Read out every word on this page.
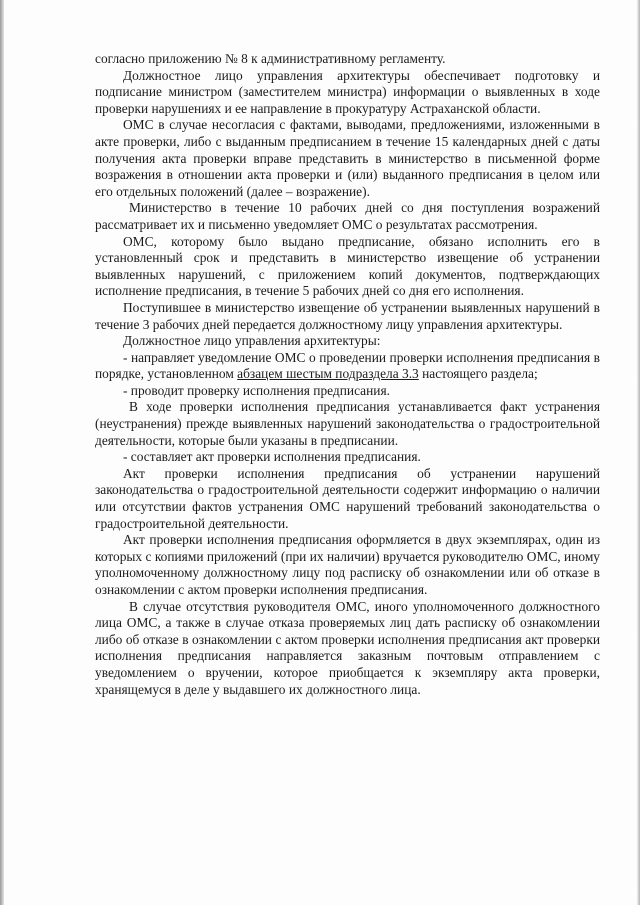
согласно приложению № 8 к административному регламенту.

Должностное лицо управления архитектуры обеспечивает подготовку и подписание министром (заместителем министра) информации о выявленных в ходе проверки нарушениях и ее направление в прокуратуру Астраханской области.

ОМС в случае несогласия с фактами, выводами, предложениями, изложенными в акте проверки, либо с выданным предписанием в течение 15 календарных дней с даты получения акта проверки вправе представить в министерство в письменной форме возражения в отношении акта проверки и (или) выданного предписания в целом или его отдельных положений (далее – возражение).

Министерство в течение 10 рабочих дней со дня поступления возражений рассматривает их и письменно уведомляет ОМС о результатах рассмотрения.

ОМС, которому было выдано предписание, обязано исполнить его в установленный срок и представить в министерство извещение об устранении выявленных нарушений, с приложением копий документов, подтверждающих исполнение предписания, в течение 5 рабочих дней со дня его исполнения.

Поступившее в министерство извещение об устранении выявленных нарушений в течение 3 рабочих дней передается должностному лицу управления архитектуры.

Должностное лицо управления архитектуры:

- направляет уведомление ОМС о проведении проверки исполнения предписания в порядке, установленном абзацем шестым подраздела 3.3 настоящего раздела;

- проводит проверку исполнения предписания.

В ходе проверки исполнения предписания устанавливается факт устранения (неустранения) прежде выявленных нарушений законодательства о градостроительной деятельности, которые были указаны в предписании.

- составляет акт проверки исполнения предписания.

Акт проверки исполнения предписания об устранении нарушений законодательства о градостроительной деятельности содержит информацию о наличии или отсутствии фактов устранения ОМС нарушений требований законодательства о градостроительной деятельности.

Акт проверки исполнения предписания оформляется в двух экземплярах, один из которых с копиями приложений (при их наличии) вручается руководителю ОМС, иному уполномоченному должностному лицу под расписку об ознакомлении или об отказе в ознакомлении с актом проверки исполнения предписания.

В случае отсутствия руководителя ОМС, иного уполномоченного должностного лица ОМС, а также в случае отказа проверяемых лиц дать расписку об ознакомлении либо об отказе в ознакомлении с актом проверки исполнения предписания акт проверки исполнения предписания направляется заказным почтовым отправлением с уведомлением о вручении, которое приобщается к экземпляру акта проверки, хранящемуся в деле у выдавшего их должностного лица.
